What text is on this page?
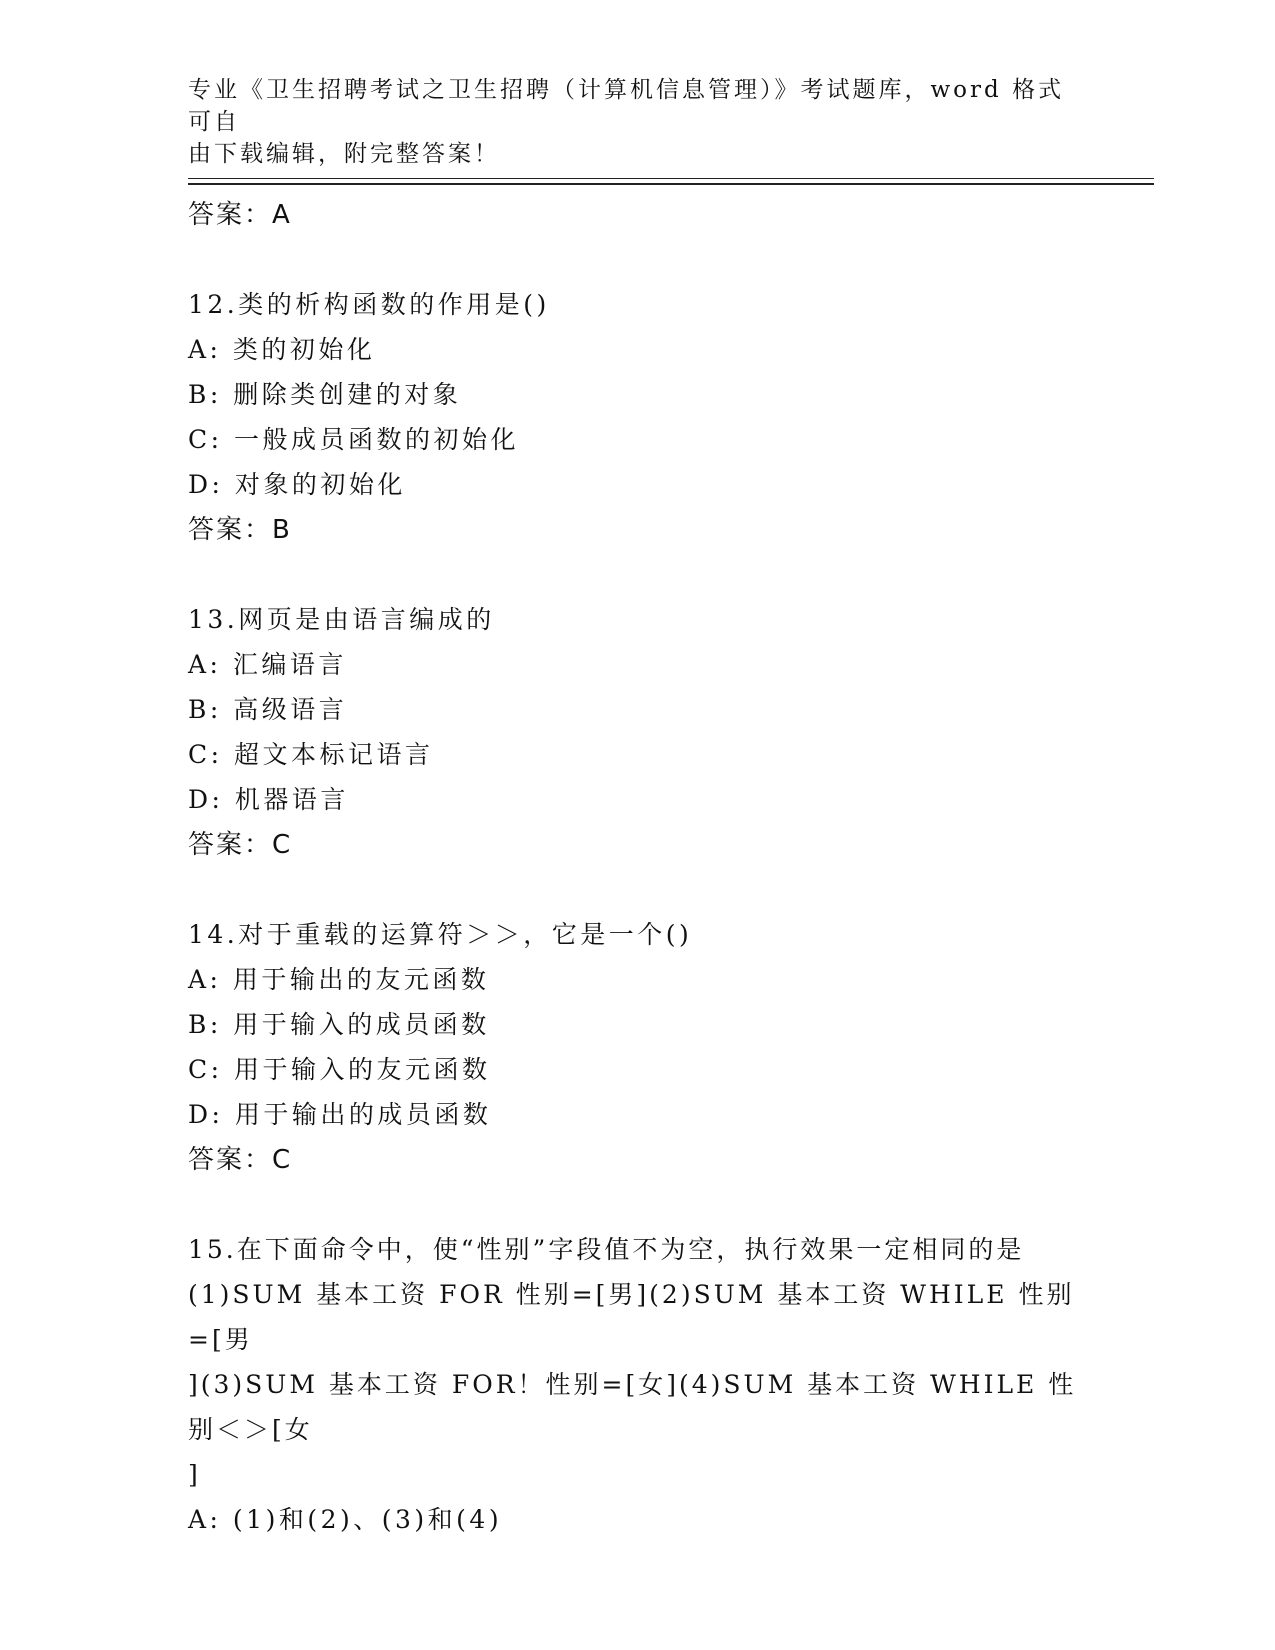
专业《卫生招聘考试之卫生招聘（计算机信息管理）》考试题库，word 格式可自
由下载编辑，附完整答案！
答案：A
12.类的析构函数的作用是()
A: 类的初始化
B: 删除类创建的对象
C: 一般成员函数的初始化
D: 对象的初始化
答案：B
13.网页是由语言编成的
A: 汇编语言
B: 高级语言
C: 超文本标记语言
D: 机器语言
答案：C
14.对于重载的运算符＞＞，它是一个()
A: 用于输出的友元函数
B: 用于输入的成员函数
C: 用于输入的友元函数
D: 用于输出的成员函数
答案：C
15.在下面命令中，使“性别”字段值不为空，执行效果一定相同的是
(1)SUM 基本工资 FOR 性别=[男](2)SUM 基本工资 WHILE 性别=[男
](3)SUM 基本工资 FOR！性别=[女](4)SUM 基本工资 WHILE 性别＜＞[女
]
A: (1)和(2)、(3)和(4)
